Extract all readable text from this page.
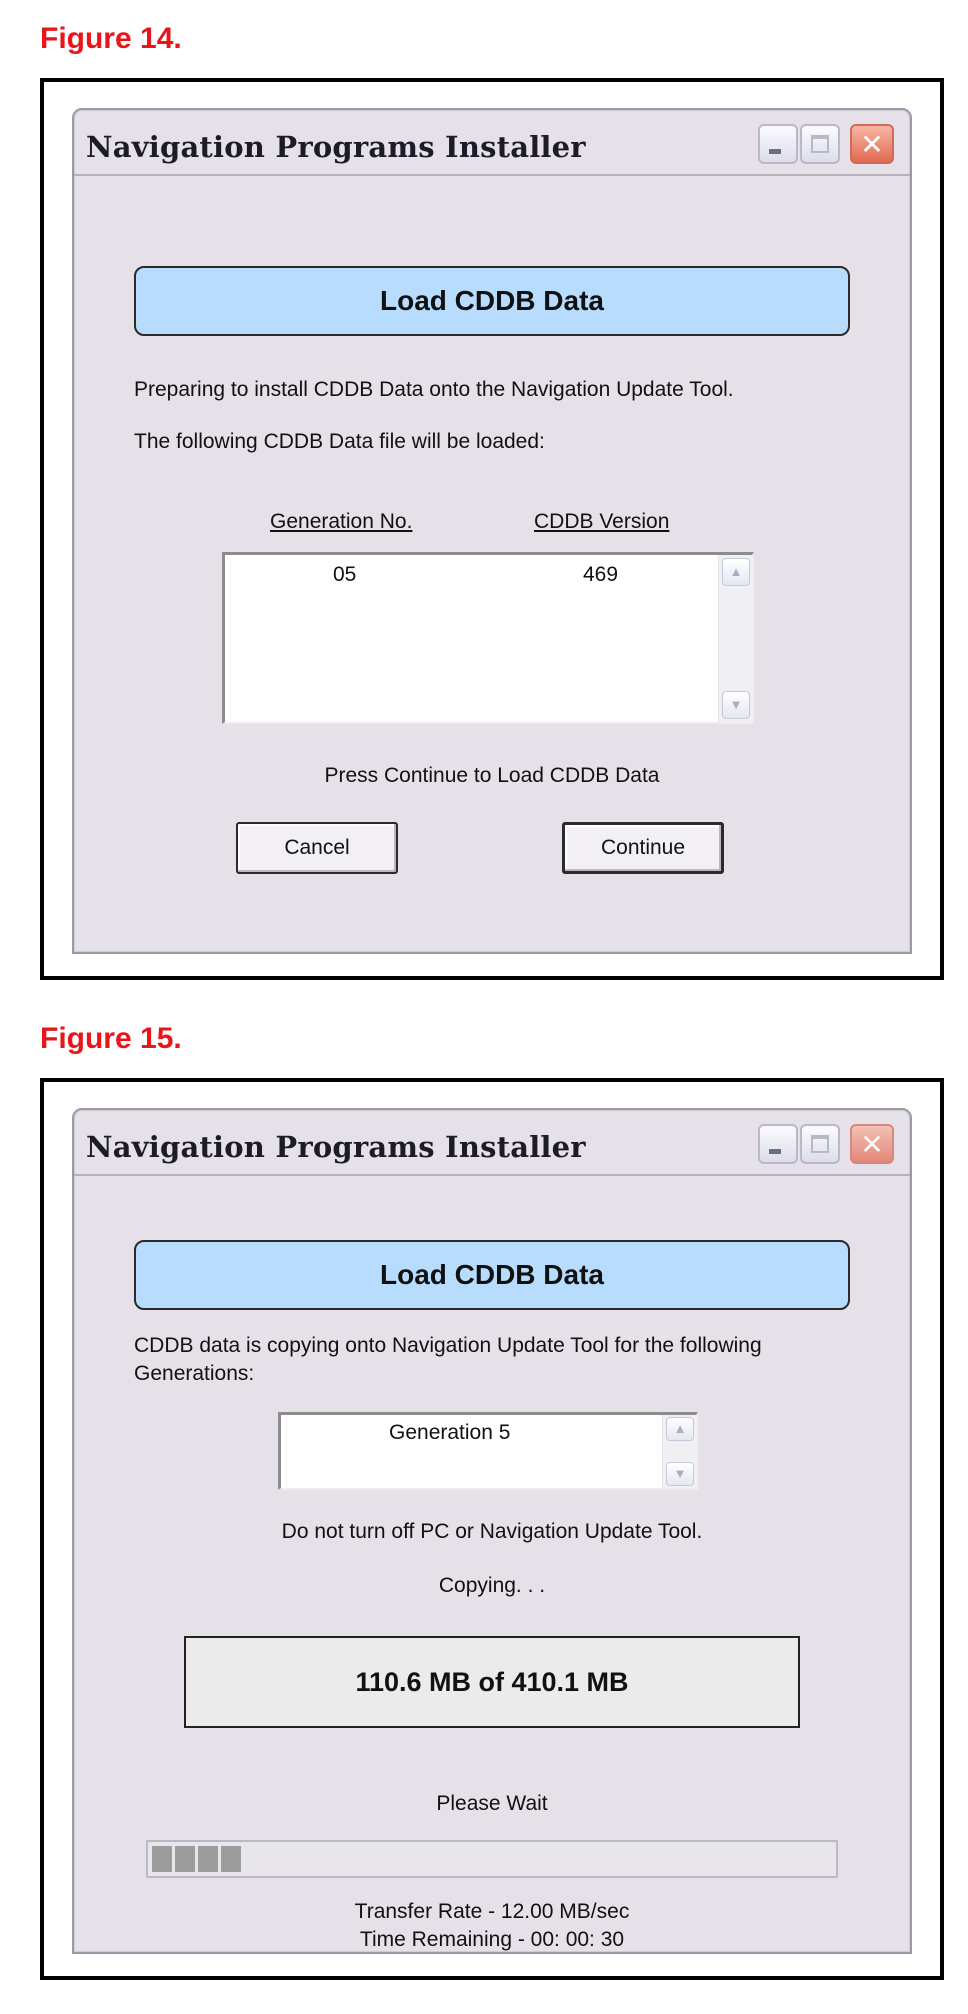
Figure 14.
Navigation Programs Installer	✕
Load CDDB Data
Preparing to install CDDB Data onto the Navigation Update Tool.
The following CDDB Data file will be loaded:
Generation No.	CDDB Version
05	469	▲
▼
Press Continue to Load CDDB Data
Cancel	Continue
Figure 15.
Navigation Programs Installer	✕
Load CDDB Data
CDDB data is copying onto Navigation Update Tool for the following
Generations:
Generation 5	▲
▼
Do not turn off PC or Navigation Update Tool.
Copying. . .
110.6 MB of 410.1 MB
Please Wait
Transfer Rate - 12.00 MB/sec
Time Remaining - 00: 00: 30
